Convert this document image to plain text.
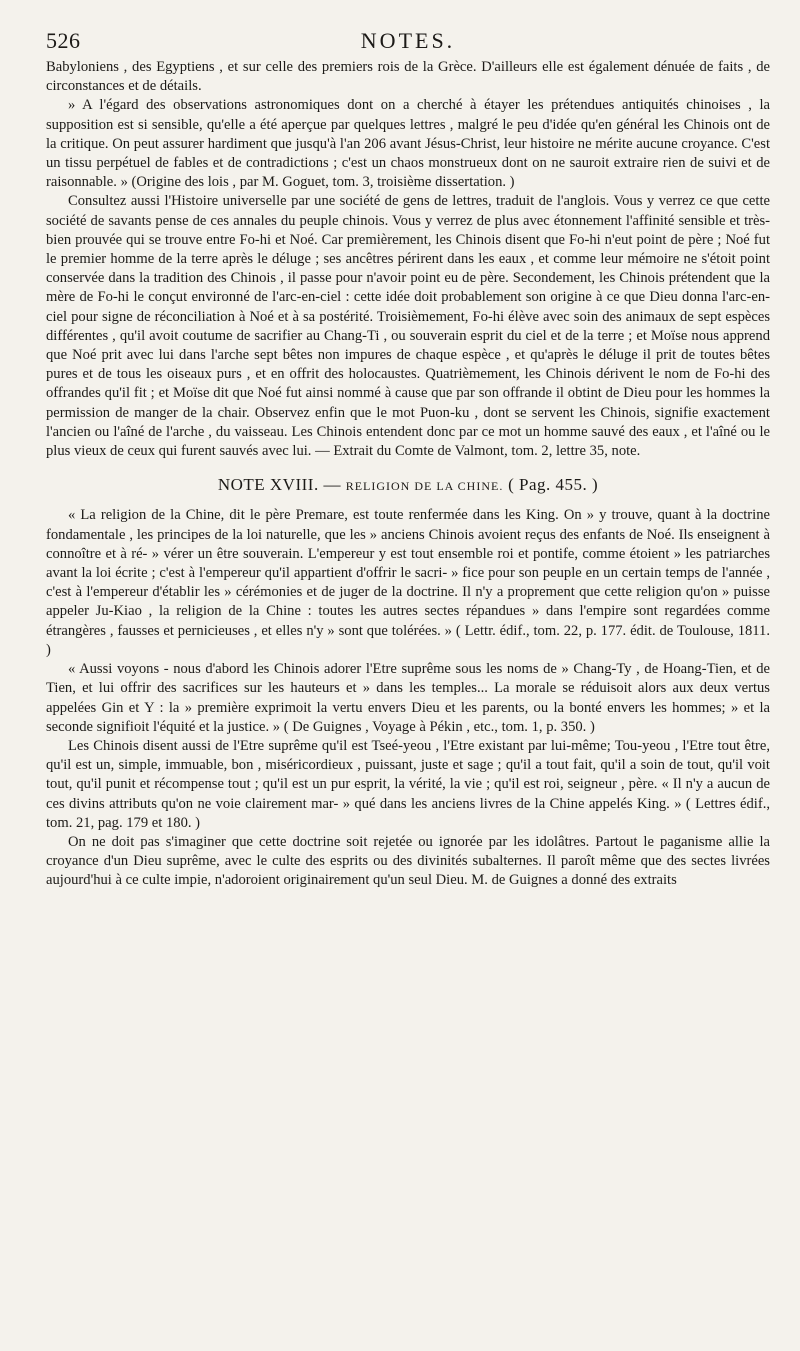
526	NOTES.

Babyloniens , des Egyptiens , et sur celle des premiers rois de la Grèce. D'ailleurs elle est également dénuée de faits , de circonstances et de détails.

» A l'égard des observations astronomiques dont on a cherché à étayer les prétendues antiquités chinoises , la supposition est si sensible, qu'elle a été aperçue par quelques lettres , malgré le peu d'idée qu'en général les Chinois ont de la critique. On peut assurer hardiment que jusqu'à l'an 206 avant Jésus-Christ, leur histoire ne mérite aucune croyance. C'est un tissu perpétuel de fables et de contradictions ; c'est un chaos monstrueux dont on ne sauroit extraire rien de suivi et de raisonnable. » (Origine des lois , par M. Goguet, tom. 3, troisième dissertation. )

Consultez aussi l'Histoire universelle par une société de gens de lettres, traduit de l'anglois. Vous y verrez ce que cette société de savants pense de ces annales du peuple chinois. Vous y verrez de plus avec étonnement l'affinité sensible et très-bien prouvée qui se trouve entre Fo-hi et Noé. Car premièrement, les Chinois disent que Fo-hi n'eut point de père ; Noé fut le premier homme de la terre après le déluge ; ses ancêtres périrent dans les eaux , et comme leur mémoire ne s'étoit point conservée dans la tradition des Chinois , il passe pour n'avoir point eu de père. Secondement, les Chinois prétendent que la mère de Fo-hi le conçut environné de l'arc-en-ciel : cette idée doit probablement son origine à ce que Dieu donna l'arc-en-ciel pour signe de réconciliation à Noé et à sa postérité. Troisièmement, Fo-hi élève avec soin des animaux de sept espèces différentes , qu'il avoit coutume de sacrifier au Chang-Ti , ou souverain esprit du ciel et de la terre ; et Moïse nous apprend que Noé prit avec lui dans l'arche sept bêtes non impures de chaque espèce , et qu'après le déluge il prit de toutes bêtes pures et de tous les oiseaux purs , et en offrit des holocaustes. Quatrièmement, les Chinois dérivent le nom de Fo-hi des offrandes qu'il fit ; et Moïse dit que Noé fut ainsi nommé à cause que par son offrande il obtint de Dieu pour les hommes la permission de manger de la chair. Observez enfin que le mot Puon-ku , dont se servent les Chinois, signifie exactement l'ancien ou l'aîné de l'arche , du vaisseau. Les Chinois entendent donc par ce mot un homme sauvé des eaux , et l'aîné ou le plus vieux de ceux qui furent sauvés avec lui. — Extrait du Comte de Valmont, tom. 2, lettre 35, note.

NOTE XVIII. — RELIGION DE LA CHINE. ( Pag. 455. )

« La religion de la Chine, dit le père Premare, est toute renfermée dans les King. On » y trouve, quant à la doctrine fondamentale , les principes de la loi naturelle, que les » anciens Chinois avoient reçus des enfants de Noé. Ils enseignent à connoître et à ré- » vérer un être souverain. L'empereur y est tout ensemble roi et pontife, comme étoient » les patriarches avant la loi écrite ; c'est à l'empereur qu'il appartient d'offrir le sacri- » fice pour son peuple en un certain temps de l'année , c'est à l'empereur d'établir les » cérémonies et de juger de la doctrine. Il n'y a proprement que cette religion qu'on » puisse appeler Ju-Kiao , la religion de la Chine : toutes les autres sectes répandues » dans l'empire sont regardées comme étrangères , fausses et pernicieuses , et elles n'y » sont que tolérées. » ( Lettr. édif., tom. 22, p. 177. édit. de Toulouse, 1811. )

« Aussi voyons - nous d'abord les Chinois adorer l'Etre suprême sous les noms de » Chang-Ty , de Hoang-Tien, et de Tien, et lui offrir des sacrifices sur les hauteurs et » dans les temples... La morale se réduisoit alors aux deux vertus appelées Gin et Y : la » première exprimoit la vertu envers Dieu et les parents, ou la bonté envers les hommes; » et la seconde signifioit l'équité et la justice. » ( De Guignes , Voyage à Pékin , etc., tom. 1, p. 350. )

Les Chinois disent aussi de l'Etre suprême qu'il est Tseé-yeou , l'Etre existant par lui-même; Tou-yeou , l'Etre tout être, qu'il est un, simple, immuable, bon , miséricordieux , puissant, juste et sage ; qu'il a tout fait, qu'il a soin de tout, qu'il voit tout, qu'il punit et récompense tout ; qu'il est un pur esprit, la vérité, la vie ; qu'il est roi, seigneur , père. « Il n'y a aucun de ces divins attributs qu'on ne voie clairement mar- » qué dans les anciens livres de la Chine appelés King. » ( Lettres édif., tom. 21, pag. 179 et 180. )

On ne doit pas s'imaginer que cette doctrine soit rejetée ou ignorée par les idolâtres. Partout le paganisme allie la croyance d'un Dieu suprême, avec le culte des esprits ou des divinités subalternes. Il paroît même que des sectes livrées aujourd'hui à ce culte impie, n'adoroient originairement qu'un seul Dieu. M. de Guignes a donné des extraits
